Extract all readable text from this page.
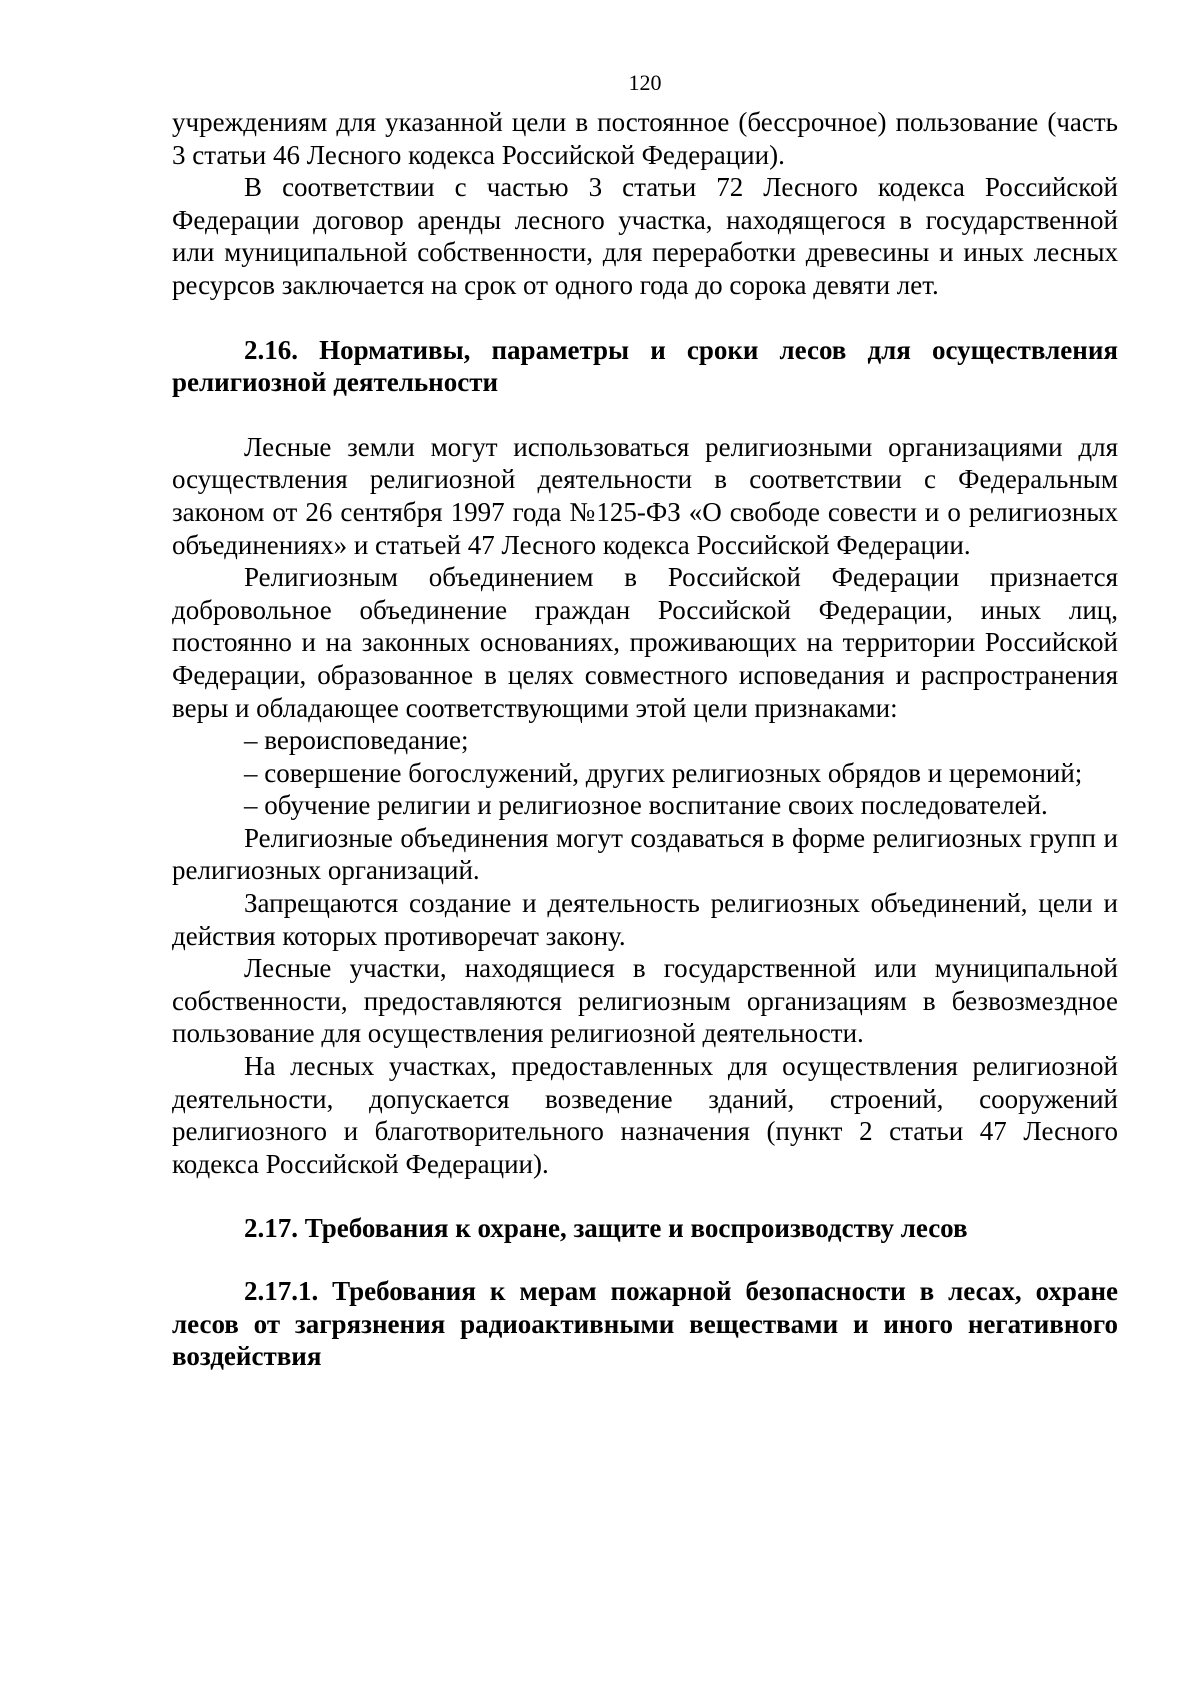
120

учреждениям для указанной цели в постоянное (бессрочное) пользование (часть 3 статьи 46 Лесного кодекса Российской Федерации).

В соответствии с частью 3 статьи 72 Лесного кодекса Российской Федерации договор аренды лесного участка, находящегося в государственной или муниципальной собственности, для переработки древесины и иных лесных ресурсов заключается на срок от одного года до сорока девяти лет.

2.16. Нормативы, параметры и сроки лесов для осуществления религиозной деятельности

Лесные земли могут использоваться религиозными организациями для осуществления религиозной деятельности в соответствии с Федеральным законом от 26 сентября 1997 года №125-ФЗ «О свободе совести и о религиозных объединениях» и статьей 47 Лесного кодекса Российской Федерации.

Религиозным объединением в Российской Федерации признается добровольное объединение граждан Российской Федерации, иных лиц, постоянно и на законных основаниях, проживающих на территории Российской Федерации, образованное в целях совместного исповедания и распространения веры и обладающее соответствующими этой цели признаками:

– вероисповедание;

– совершение богослужений, других религиозных обрядов и церемоний;

– обучение религии и религиозное воспитание своих последователей.

Религиозные объединения могут создаваться в форме религиозных групп и религиозных организаций.

Запрещаются создание и деятельность религиозных объединений, цели и действия которых противоречат закону.

Лесные участки, находящиеся в государственной или муниципальной собственности, предоставляются религиозным организациям в безвозмездное пользование для осуществления религиозной деятельности.

На лесных участках, предоставленных для осуществления религиозной деятельности, допускается возведение зданий, строений, сооружений религиозного и благотворительного назначения (пункт 2 статьи 47 Лесного кодекса Российской Федерации).

2.17. Требования к охране, защите и воспроизводству лесов
2.17.1. Требования к мерам пожарной безопасности в лесах, охране лесов от загрязнения радиоактивными веществами и иного негативного воздействия
